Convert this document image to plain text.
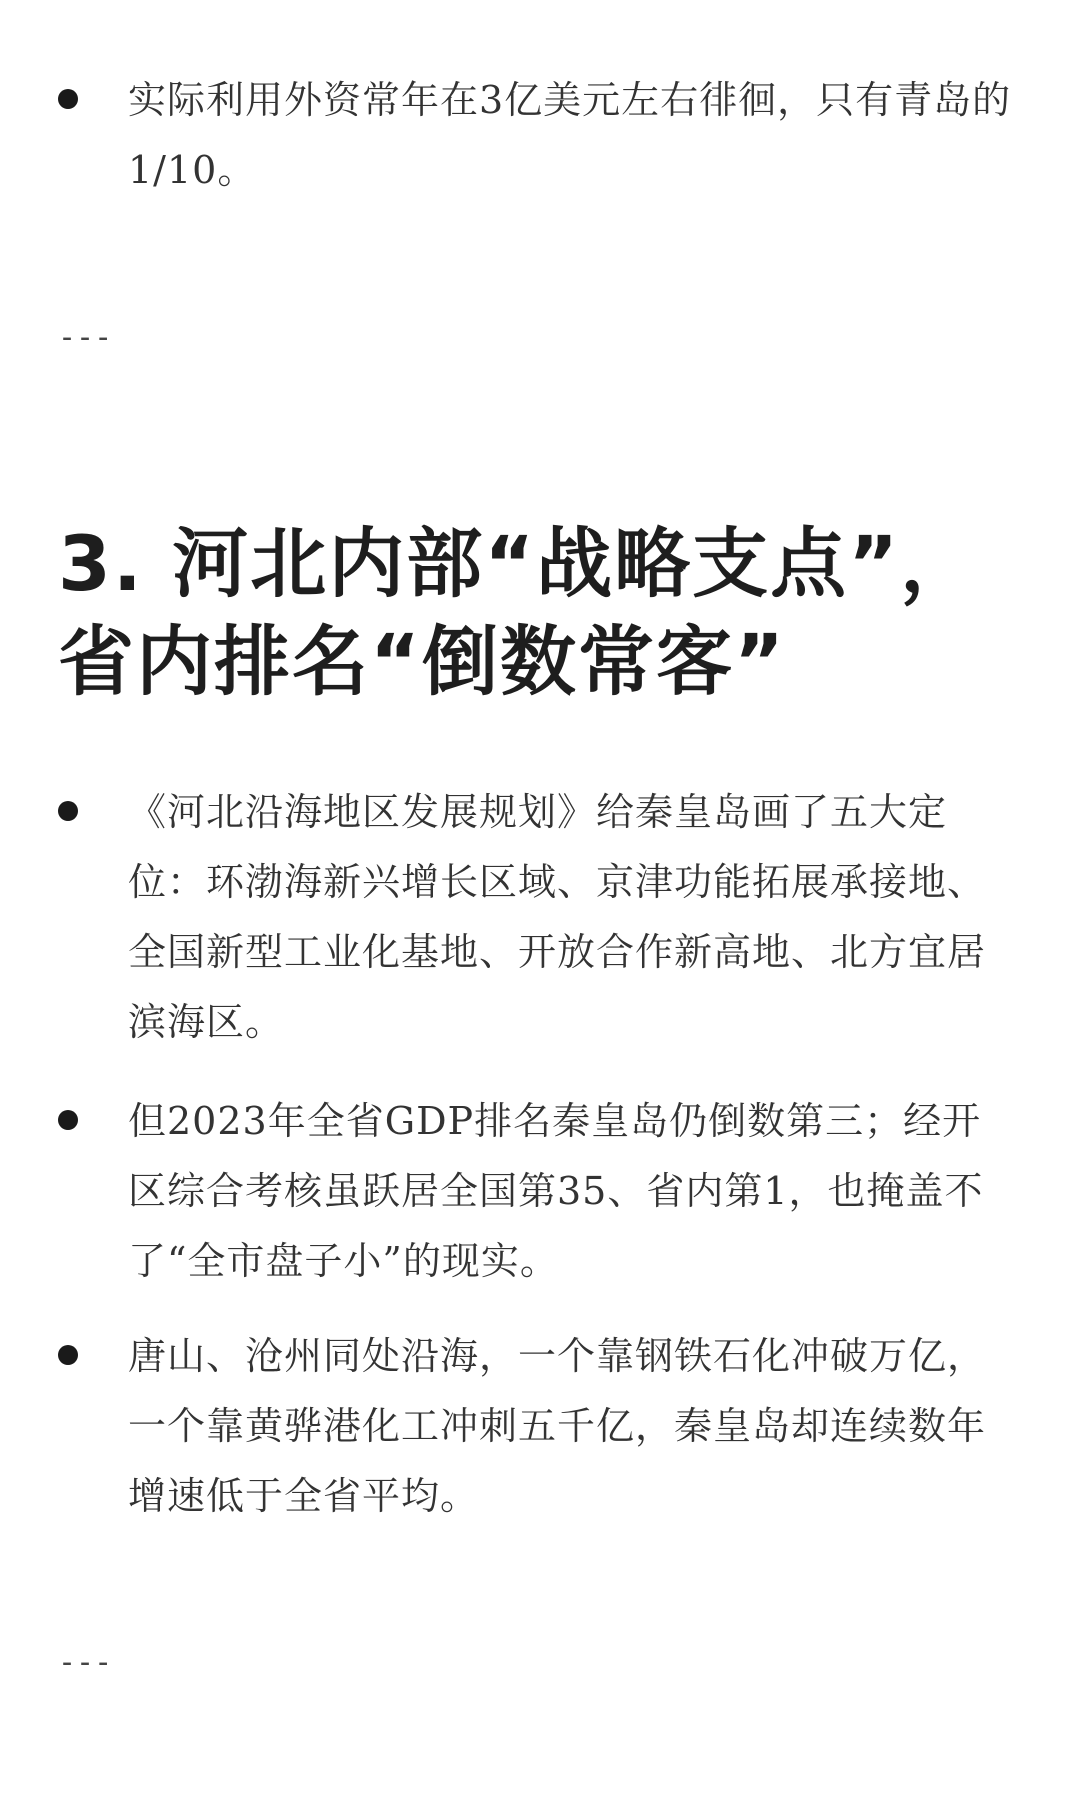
实际利用外资常年在3亿美元左右徘徊，只有青岛的1/10。
---
3. 河北内部“战略支点”，省内排名“倒数常客”
《河北沿海地区发展规划》给秦皇岛画了五大定位：环渤海新兴增长区域、京津功能拓展承接地、全国新型工业化基地、开放合作新高地、北方宜居滨海区。
但2023年全省GDP排名秦皇岛仍倒数第三；经开区综合考核虽跃居全国第35、省内第1，也掩盖不了“全市盘子小”的现实。
唐山、沧州同处沿海，一个靠钢铁石化冲破万亿，一个靠黄骅港化工冲刺五千亿，秦皇岛却连续数年增速低于全省平均。
---
